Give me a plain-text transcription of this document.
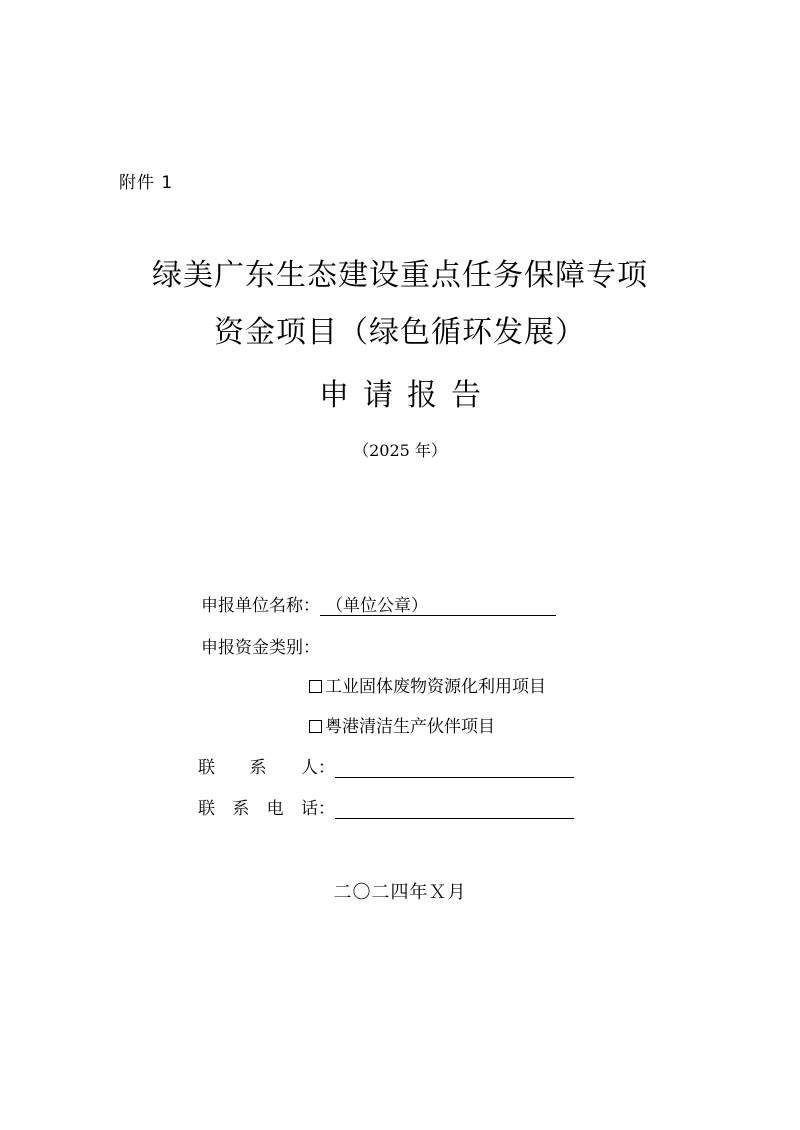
附件 1
绿美广东生态建设重点任务保障专项
资金项目（绿色循环发展）
申请报告
（2025 年）
申报单位名称： （单位公章）
申报资金类别：
工业固体废物资源化利用项目
粤港清洁生产伙伴项目
联 系 人 ：
联 系 电 话 ：
二〇二四年Ｘ月
